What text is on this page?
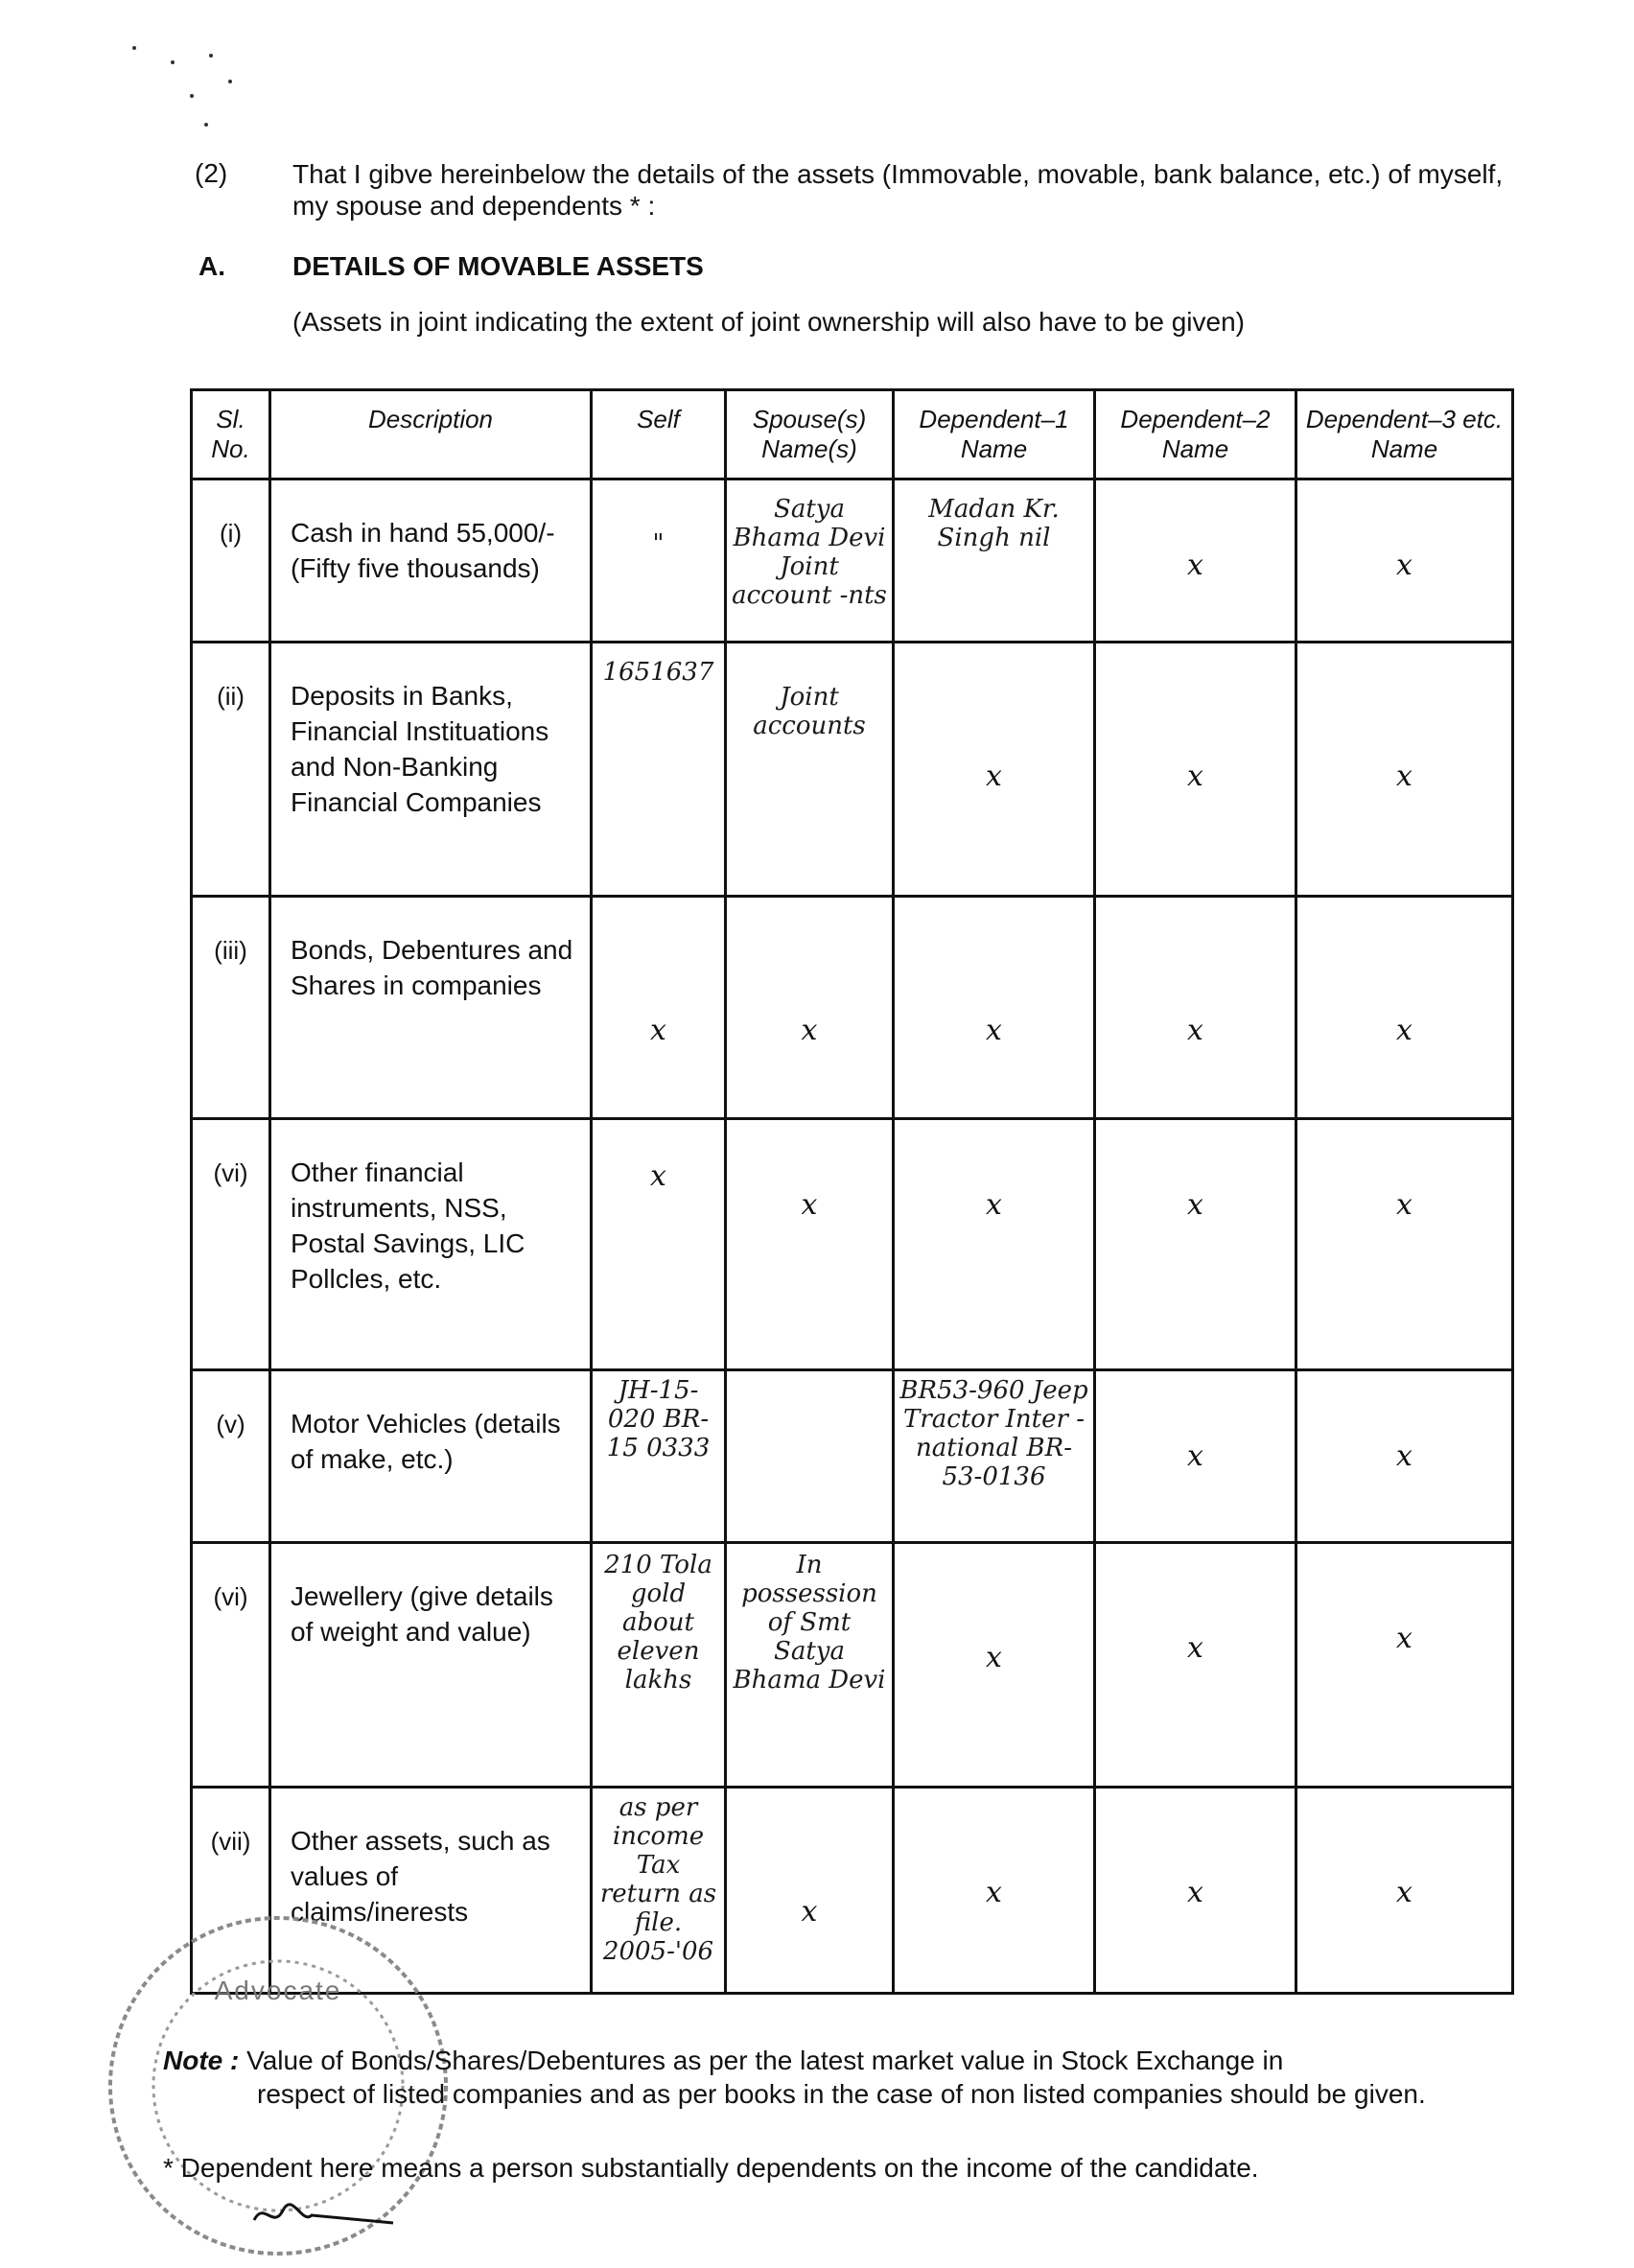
(2) That I gibve hereinbelow the details of the assets (Immovable, movable, bank balance, etc.) of myself, my spouse and dependents * :
A.	DETAILS OF MOVABLE ASSETS
(Assets in joint indicating the extent of joint ownership will also have to be given)
Sl. No.	Description	Self	Spouse(s) Name(s)	Dependent–1 Name	Dependent–2 Name	Dependent–3 etc. Name
(i)	Cash in hand 55,000/- (Fifty five thousands)	"	Satya Bhama Devi Joint account -nts	Madan Kr. Singh nil	x	x

(ii)	Deposits in Banks, Financial Instituations and Non-Banking Financial Companies	1651637	Joint accounts	x	x	x

(iii)	Bonds, Debentures and Shares in companies	x	x	x	x	x

(vi)	Other financial instruments, NSS, Postal Savings, LIC Pollcles, etc.	x	x	x	x	x

(v)	Motor Vehicles (details of make, etc.)	JH-15-020 BR-15 0333		BR53-960 Jeep Tractor Inter -national BR-53-0136	x	x

(vi)	Jewellery (give details of weight and value)	210 Tola gold about eleven lakhs	In possession of Smt Satya Bhama Devi	x	x	x

(vii)	Other assets, such as values of claims/inerests	as per income Tax return as file. 2005-'06	x	x	x	x
Advocate
Note : Value of Bonds/Shares/Debentures as per the latest market value in Stock Exchange in
respect of listed companies and as per books in the case of non listed companies should be given.
* Dependent here means a person substantially dependents on the income of the candidate.
